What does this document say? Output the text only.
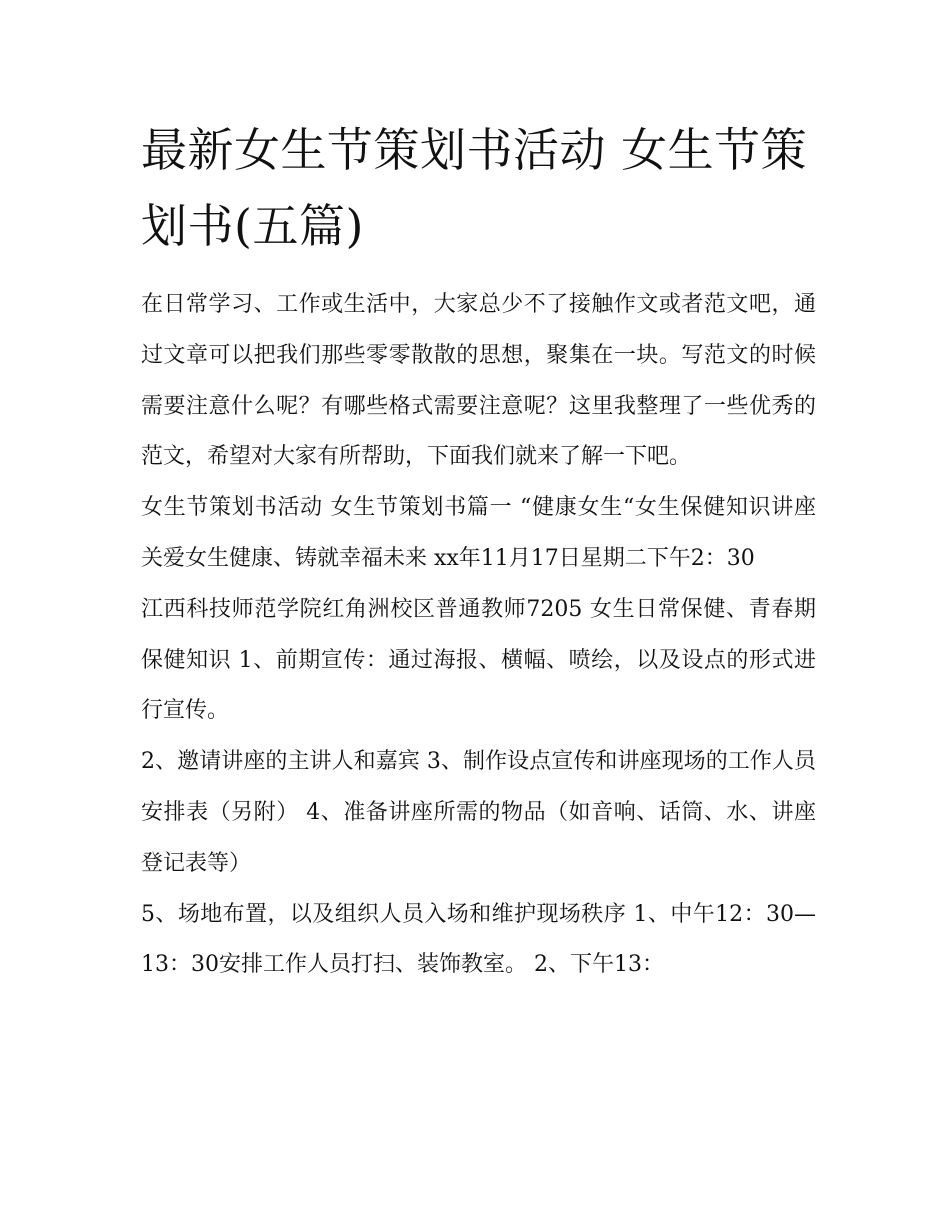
最新女生节策划书活动 女生节策划书(五篇)

在日常学习、工作或生活中，大家总少不了接触作文或者范文吧，通过文章可以把我们那些零零散散的思想，聚集在一块。写范文的时候需要注意什么呢？有哪些格式需要注意呢？这里我整理了一些优秀的范文，希望对大家有所帮助，下面我们就来了解一下吧。

女生节策划书活动 女生节策划书篇一 “健康女生“女生保健知识讲座 关爱女生健康、铸就幸福未来 xx年11月17日星期二下午2：30

江西科技师范学院红角洲校区普通教师7205 女生日常保健、青春期保健知识 1、前期宣传：通过海报、横幅、喷绘，以及设点的形式进行宣传。

2、邀请讲座的主讲人和嘉宾 3、制作设点宣传和讲座现场的工作人员安排表（另附） 4、准备讲座所需的物品（如音响、话筒、水、讲座登记表等）

5、场地布置，以及组织人员入场和维护现场秩序 1、中午12：30—13：30安排工作人员打扫、装饰教室。 2、下午13：
